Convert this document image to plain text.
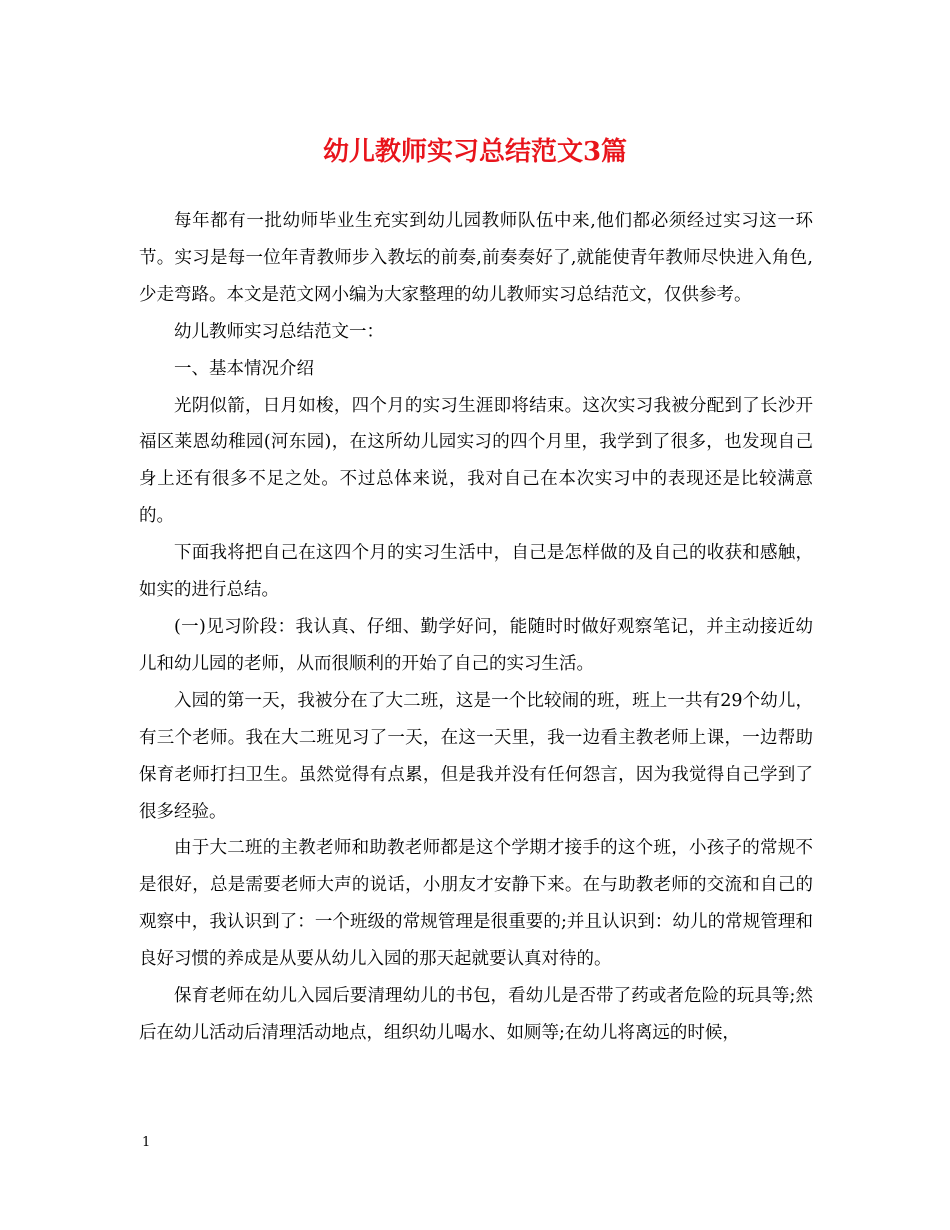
幼儿教师实习总结范文3篇

每年都有一批幼师毕业生充实到幼儿园教师队伍中来,他们都必须经过实习这一环节。实习是每一位年青教师步入教坛的前奏,前奏奏好了,就能使青年教师尽快进入角色,少走弯路。本文是范文网小编为大家整理的幼儿教师实习总结范文，仅供参考。

幼儿教师实习总结范文一：

一、基本情况介绍

光阴似箭，日月如梭，四个月的实习生涯即将结束。这次实习我被分配到了长沙开福区莱恩幼稚园(河东园)，在这所幼儿园实习的四个月里，我学到了很多，也发现自己身上还有很多不足之处。不过总体来说，我对自己在本次实习中的表现还是比较满意的。

下面我将把自己在这四个月的实习生活中，自己是怎样做的及自己的收获和感触，如实的进行总结。

(一)见习阶段：我认真、仔细、勤学好问，能随时时做好观察笔记，并主动接近幼儿和幼儿园的老师，从而很顺利的开始了自己的实习生活。

入园的第一天，我被分在了大二班，这是一个比较闹的班，班上一共有29个幼儿，有三个老师。我在大二班见习了一天，在这一天里，我一边看主教老师上课，一边帮助保育老师打扫卫生。虽然觉得有点累，但是我并没有任何怨言，因为我觉得自己学到了很多经验。

由于大二班的主教老师和助教老师都是这个学期才接手的这个班，小孩子的常规不是很好，总是需要老师大声的说话，小朋友才安静下来。在与助教老师的交流和自己的观察中，我认识到了：一个班级的常规管理是很重要的;并且认识到：幼儿的常规管理和良好习惯的养成是从要从幼儿入园的那天起就要认真对待的。

保育老师在幼儿入园后要清理幼儿的书包，看幼儿是否带了药或者危险的玩具等;然后在幼儿活动后清理活动地点，组织幼儿喝水、如厕等;在幼儿将离远的时候，

1
